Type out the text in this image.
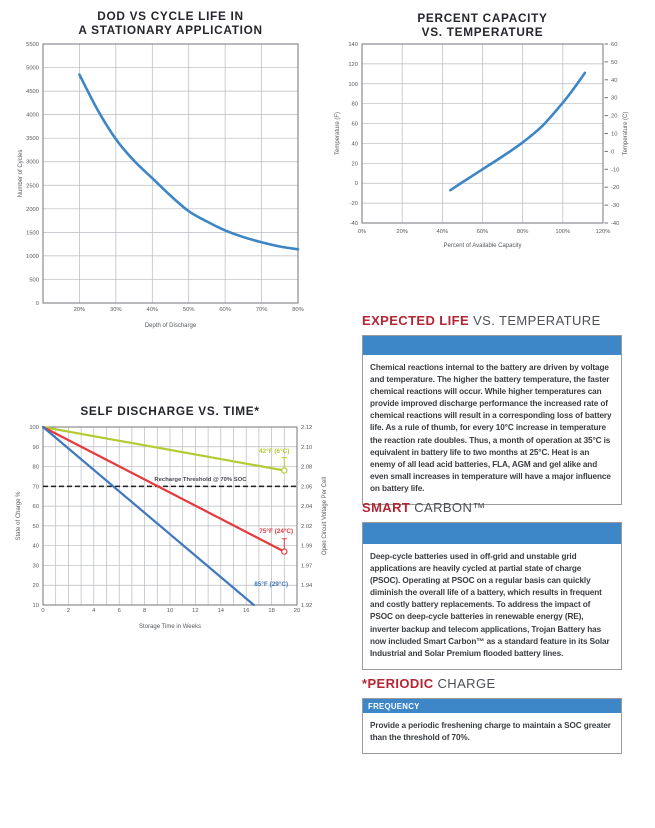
DOD VS CYCLE LIFE IN
A STATIONARY APPLICATION
20%	30%	40%	50%	60%	70%	80%
0
500
1000
1500
2000
2500
3000
3500
4000
4500
5000
5500
Depth of Discharge
Number of Cycles
PERCENT CAPACITY
VS. TEMPERATURE
0%	20%	40%	60%	80%	100%	120%
-40
-20
0
20
40
60
80
100
120
140
-40
-30
-20
-10
0
10
20
30
40
50
60
Percent of Available Capacity
Temperature (F)	Temperature (C)
SELF DISCHARGE VS. TIME*
Recharge Threshold @ 70% SOC
42°F (6°C)
75°F (24°C)
85°F (29°C)
0	2	4	6	8	10	12	14	16	18	20
10
20
30
40
50
60
70
80
90
100	2.12
2.10
2.08
2.06
2.04
2.02
1.99
1.97
1.94
1.92
Storage Time in Weeks
State of Charge %	Open Circuit Voltage Per Cell
EXPECTED LIFE VS. TEMPERATURE

Chemical reactions internal to the battery are driven by voltage and temperature. The higher the battery temperature, the faster chemical reactions will occur. While higher temperatures can provide improved discharge performance the increased rate of chemical reactions will result in a corresponding loss of battery life. As a rule of thumb, for every 10°C increase in temperature the reaction rate doubles. Thus, a month of operation at 35°C is equivalent in battery life to two months at 25°C. Heat is an enemy of all lead acid batteries, FLA, AGM and gel alike and even small increases in temperature will have a major influence on battery life.

SMART CARBON™

Deep-cycle batteries used in off-grid and unstable grid applications are heavily cycled at partial state of charge (PSOC). Operating at PSOC on a regular basis can quickly diminish the overall life of a battery, which results in frequent and costly battery replacements. To address the impact of PSOC on deep-cycle batteries in renewable energy (RE), inverter backup and telecom applications, Trojan Battery has now included Smart Carbon™ as a standard feature in its Solar Industrial and Solar Premium flooded battery lines.

*PERIODIC CHARGE
FREQUENCY

Provide a periodic freshening charge to maintain a SOC greater than the threshold of 70%.
